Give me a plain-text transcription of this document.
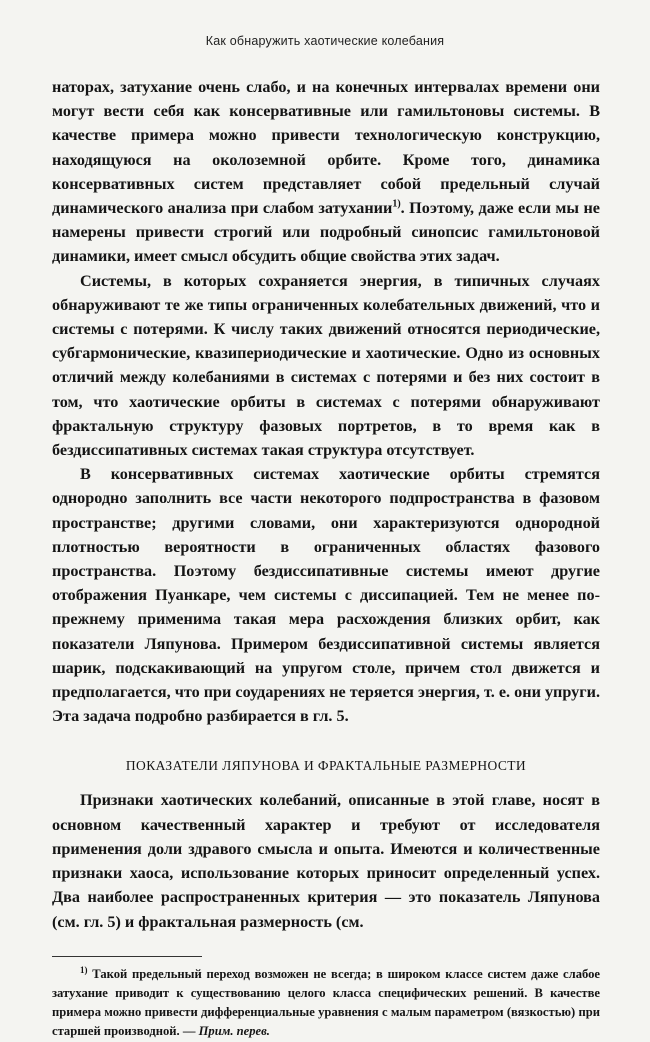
Как обнаружить хаотические колебания

наторах, затухание очень слабо, и на конечных интервалах времени они могут вести себя как консервативные или гамильтоновы системы. В качестве примера можно привести технологическую конструкцию, находящуюся на околоземной орбите. Кроме того, динамика консервативных систем представляет собой предельный случай динамического анализа при слабом затухании$^{1)}$. Поэтому, даже если мы не намерены привести строгий или подробный синопсис гамильтоновой динамики, имеет смысл обсудить общие свойства этих задач.

Системы, в которых сохраняется энергия, в типичных случаях обнаруживают те же типы ограниченных колебательных движений, что и системы с потерями. К числу таких движений относятся периодические, субгармонические, квазипериодические и хаотические. Одно из основных отличий между колебаниями в системах с потерями и без них состоит в том, что хаотические орбиты в системах с потерями обнаруживают фрактальную структуру фазовых портретов, в то время как в бездиссипативных системах такая структура отсутствует.

В консервативных системах хаотические орбиты стремятся однородно заполнить все части некоторого подпространства в фазовом пространстве; другими словами, они характеризуются однородной плотностью вероятности в ограниченных областях фазового пространства. Поэтому бездиссипативные системы имеют другие отображения Пуанкаре, чем системы с диссипацией. Тем не менее по-прежнему применима такая мера расхождения близких орбит, как показатели Ляпунова. Примером бездиссипативной системы является шарик, подскакивающий на упругом столе, причем стол движется и предполагается, что при соударениях не теряется энергия, т. е. они упруги. Эта задача подробно разбирается в гл. 5.

ПОКАЗАТЕЛИ ЛЯПУНОВА И ФРАКТАЛЬНЫЕ РАЗМЕРНОСТИ

Признаки хаотических колебаний, описанные в этой главе, носят в основном качественный характер и требуют от исследователя применения доли здравого смысла и опыта. Имеются и количественные признаки хаоса, использование которых приносит определенный успех. Два наиболее распространенных критерия — это показатель Ляпунова (см. гл. 5) и фрактальная размерность (см.

$^{1)}$ Такой предельный переход возможен не всегда; в широком классе систем даже слабое затухание приводит к существованию целого класса специфических решений. В качестве примера можно привести дифференциальные уравнения с малым параметром (вязкостью) при старшей производной. — Прим. перев.
